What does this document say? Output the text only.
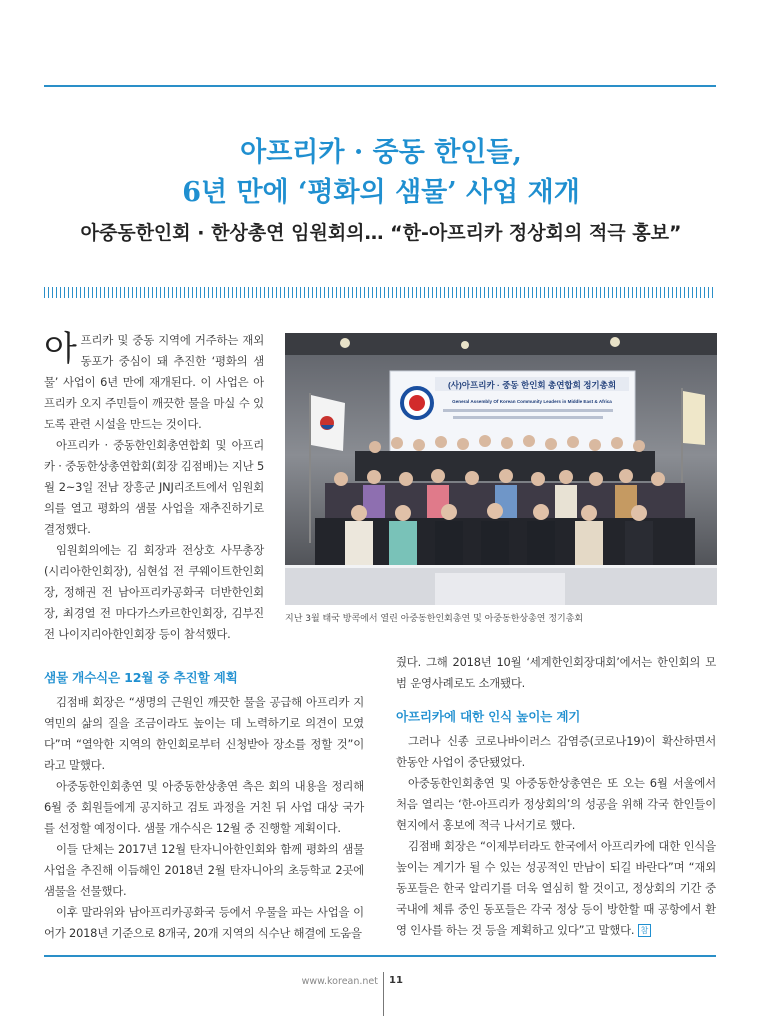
아프리카 · 중동 한인들,
6년 만에 ‘평화의 샘물’ 사업 재개
아중동한인회 · 한상총연 임원회의… “한-아프리카 정상회의 적극 홍보”

아프리카 및 중동 지역에 거주하는 재외동포가 중심이 돼 추진한 ‘평화의 샘물’ 사업이 6년 만에 재개된다. 이 사업은 아프리카 오지 주민들이 깨끗한 물을 마실 수 있도록 관련 시설을 만드는 것이다.

아프리카 · 중동한인회총연합회 및 아프리카 · 중동한상총연합회(회장 김점배)는 지난 5월 2~3일 전남 장흥군 JNJ리조트에서 임원회의를 열고 평화의 샘물 사업을 재추진하기로 결정했다.

임원회의에는 김 회장과 전상호 사무총장(시리아한인회장), 심현섭 전 쿠웨이트한인회장, 정해권 전 남아프리카공화국 더반한인회장, 최경열 전 마다가스카르한인회장, 김부진 전 나이지리아한인회장 등이 참석했다.

(사)아프리카 · 중동 한인회 총연합회 정기총회
General Assembly Of Korean Community Leaders in Middle East & Africa
지난 3월 태국 방콕에서 열린 아중동한인회총연 및 아중동한상총연 정기총회
샘물 개수식은 12월 중 추진할 계획

김점배 회장은 “생명의 근원인 깨끗한 물을 공급해 아프리카 지역민의 삶의 질을 조금이라도 높이는 데 노력하기로 의견이 모였다”며 “열악한 지역의 한인회로부터 신청받아 장소를 정할 것”이라고 말했다.

아중동한인회총연 및 아중동한상총연 측은 회의 내용을 정리해 6월 중 회원들에게 공지하고 검토 과정을 거친 뒤 사업 대상 국가를 선정할 예정이다. 샘물 개수식은 12월 중 진행할 계획이다.

이들 단체는 2017년 12월 탄자니아한인회와 함께 평화의 샘물 사업을 추진해 이듬해인 2018년 2월 탄자니아의 초등학교 2곳에 샘물을 선물했다.

이후 말라위와 남아프리카공화국 등에서 우물을 파는 사업을 이어가 2018년 기준으로 8개국, 20개 지역의 식수난 해결에 도움을

줬다. 그해 2018년 10월 ‘세계한인회장대회’에서는 한인회의 모범 운영사례로도 소개됐다.

아프리카에 대한 인식 높이는 계기

그러나 신종 코로나바이러스 감염증(코로나19)이 확산하면서 한동안 사업이 중단됐었다.

아중동한인회총연 및 아중동한상총연은 또 오는 6월 서울에서 처음 열리는 ‘한-아프리카 정상회의’의 성공을 위해 각국 한인들이 현지에서 홍보에 적극 나서기로 했다.

김점배 회장은 “이제부터라도 한국에서 아프리카에 대한 인식을 높이는 계기가 될 수 있는 성공적인 만남이 되길 바란다”며 “재외동포들은 한국 알리기를 더욱 열심히 할 것이고, 정상회의 기간 중 국내에 체류 중인 동포들은 각국 정상 등이 방한할 때 공항에서 환영 인사를 하는 것 등을 계획하고 있다”고 말했다. 참

www.korean.net 11
